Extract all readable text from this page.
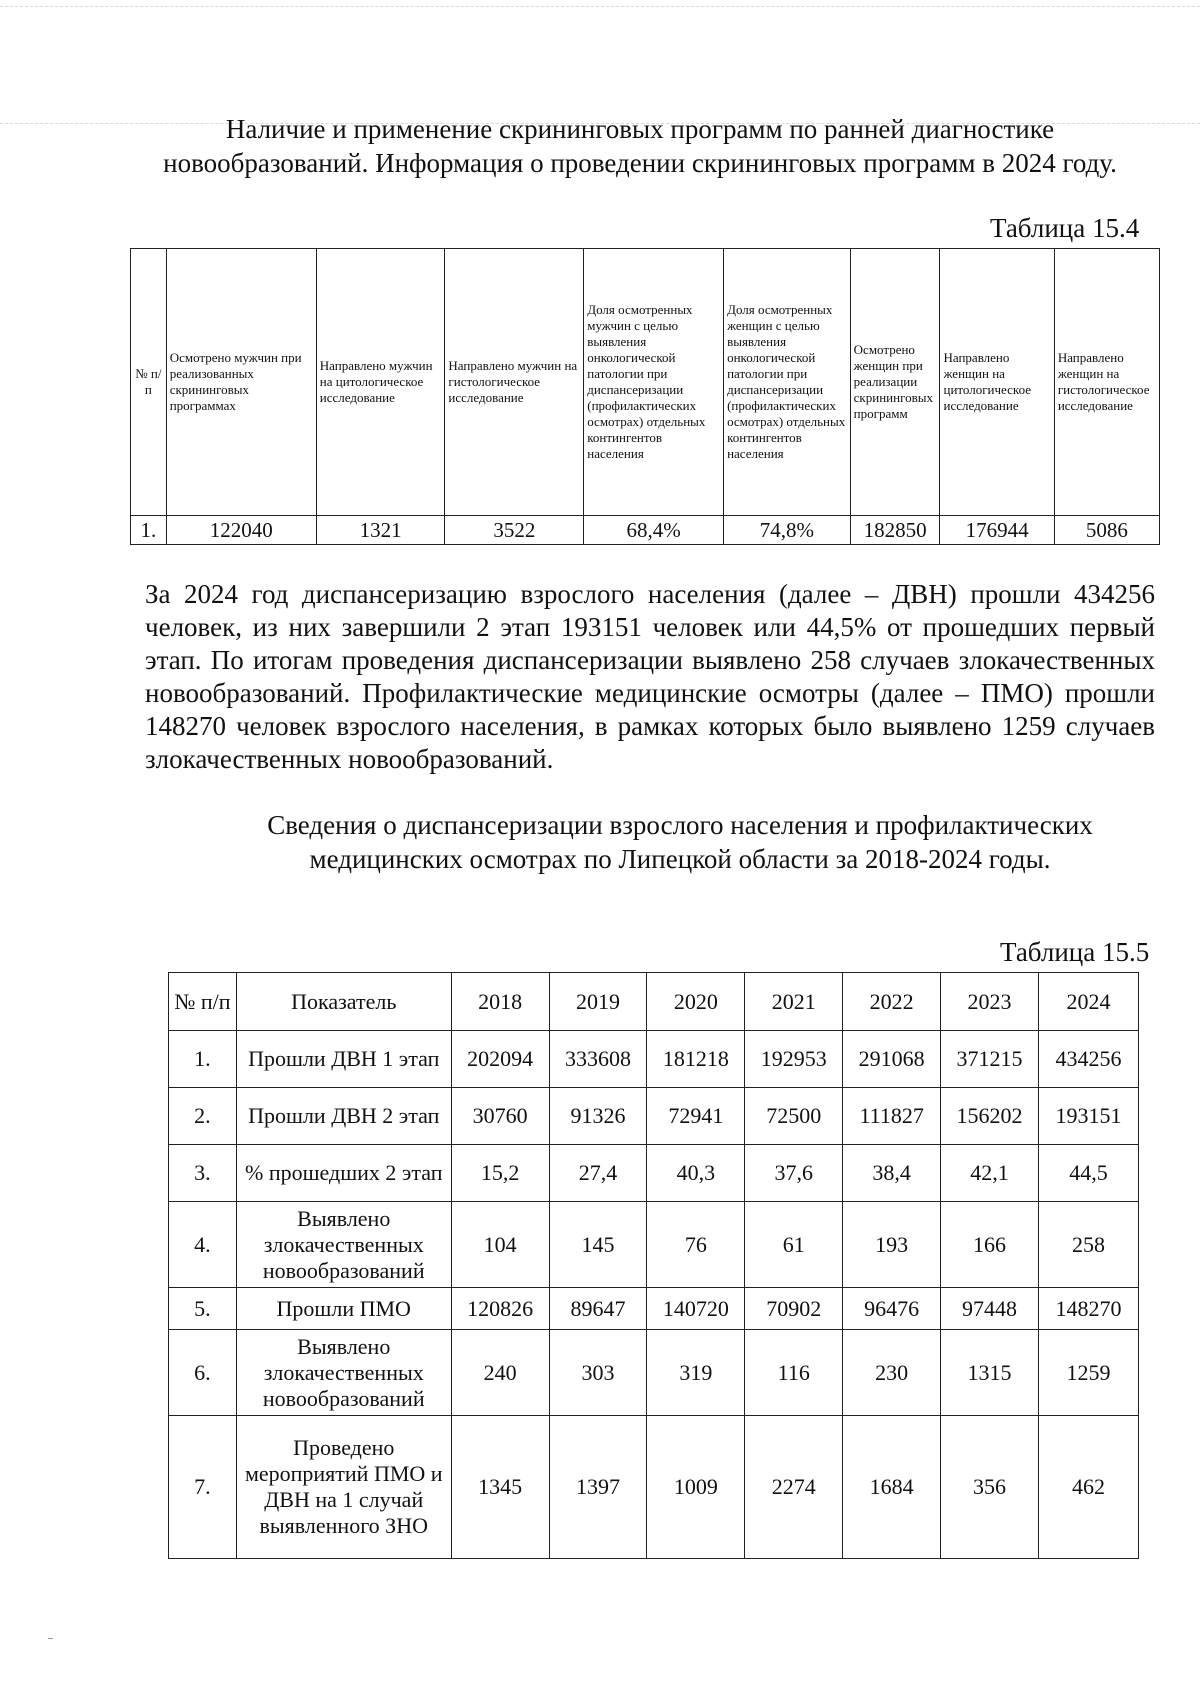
Наличие и применение скрининговых программ по ранней диагностике новообразований. Информация о проведении скрининговых программ в 2024 году.
Таблица 15.4
№ п/п	Осмотрено мужчин при реализованных скрининговых программах	Направлено мужчин на цитологическое исследование	Направлено мужчин на гистологическое исследование	Доля осмотренных мужчин с целью выявления онкологической патологии при диспансеризации (профилактических осмотрах) отдельных контингентов населения	Доля осмотренных женщин с целью выявления онкологической патологии при диспансеризации (профилактических осмотрах) отдельных контингентов населения	Осмотрено женщин при реализации скрининговых программ	Направлено женщин на цитологическое исследование	Направлено женщин на гистологическое исследование
1.	122040	1321	3522	68,4%	74,8%	182850	176944	5086
За 2024 год диспансеризацию взрослого населения (далее – ДВН) прошли 434256 человек, из них завершили 2 этап 193151 человек или 44,5% от прошедших первый этап. По итогам проведения диспансеризации выявлено 258 случаев злокачественных новообразований. Профилактические медицинские осмотры (далее – ПМО) прошли 148270 человек взрослого населения, в рамках которых было выявлено 1259 случаев злокачественных новообразований.
Сведения о диспансеризации взрослого населения и профилактических медицинских осмотрах по Липецкой области за 2018-2024 годы.
Таблица 15.5
№ п/п	Показатель	2018	2019	2020	2021	2022	2023	2024
1.	Прошли ДВН 1 этап	202094	333608	181218	192953	291068	371215	434256
2.	Прошли ДВН 2 этап	30760	91326	72941	72500	111827	156202	193151
3.	% прошедших 2 этап	15,2	27,4	40,3	37,6	38,4	42,1	44,5
4.	Выявлено злокачественных новообразований	104	145	76	61	193	166	258
5.	Прошли ПМО	120826	89647	140720	70902	96476	97448	148270
6.	Выявлено злокачественных новообразований	240	303	319	116	230	1315	1259
7.	Проведено мероприятий ПМО и ДВН на 1 случай выявленного ЗНО	1345	1397	1009	2274	1684	356	462
